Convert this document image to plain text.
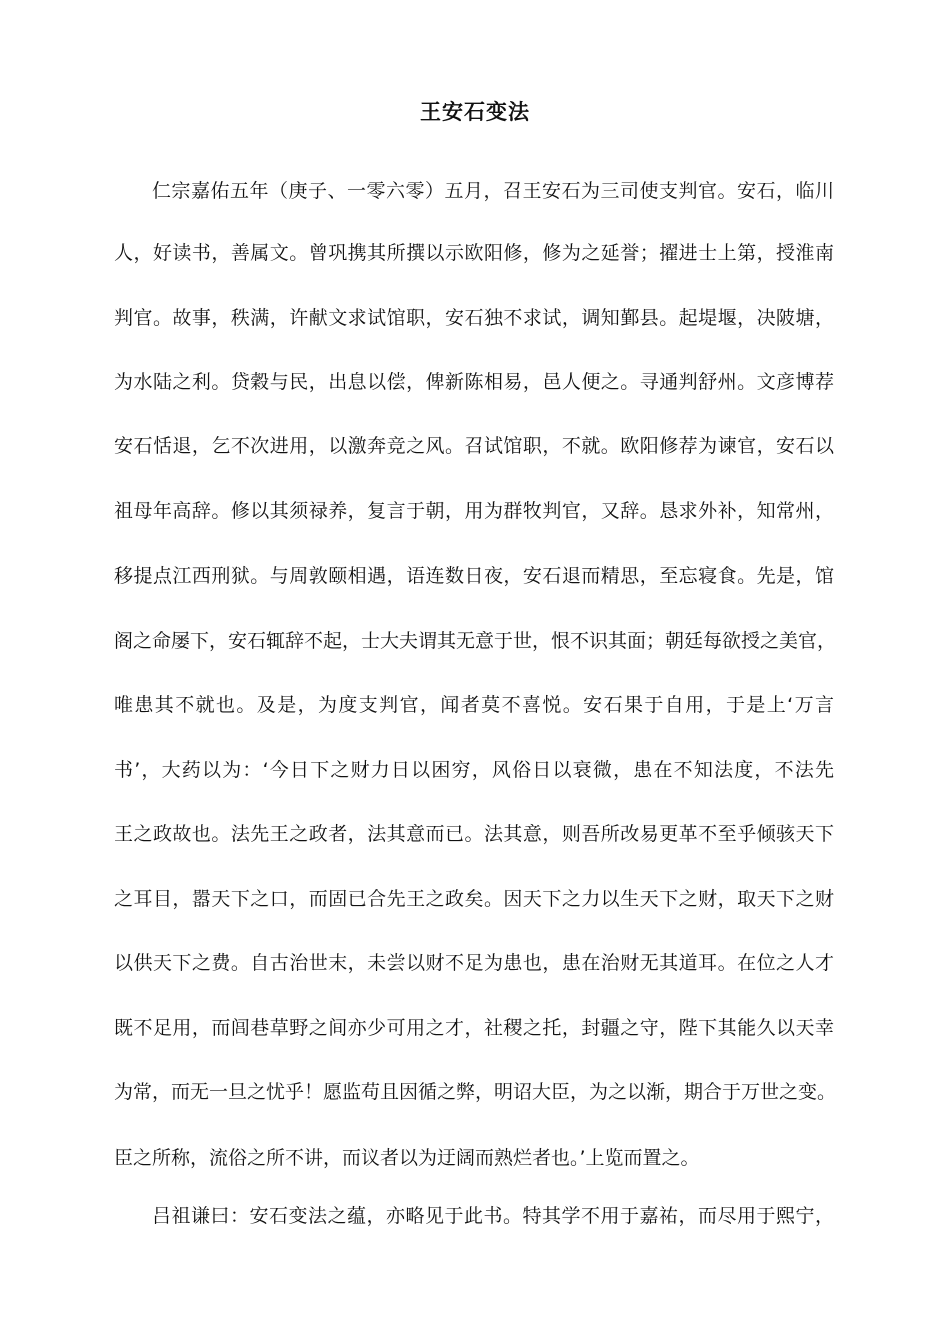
王安石变法
仁宗嘉佑五年（庚子、一零六零）五月，召王安石为三司使支判官。安石，临川
人，好读书，善属文。曾巩携其所撰以示欧阳修，修为之延誉；擢进士上第，授淮南
判官。故事，秩满，许献文求试馆职，安石独不求试，调知鄞县。起堤堰，决陂塘，
为水陆之利。贷穀与民，出息以偿，俾新陈相易，邑人便之。寻通判舒州。文彦博荐
安石恬退，乞不次进用，以激奔竞之风。召试馆职，不就。欧阳修荐为谏官，安石以
祖母年高辞。修以其须禄养，复言于朝，用为群牧判官，又辞。恳求外补，知常州，
移提点江西刑狱。与周敦颐相遇，语连数日夜，安石退而精思，至忘寝食。先是，馆
阁之命屡下，安石辄辞不起，士大夫谓其无意于世，恨不识其面；朝廷每欲授之美官，
唯患其不就也。及是，为度支判官，闻者莫不喜悦。安石果于自用，于是上‘万言
书’，大药以为：‘今日下之财力日以困穷，风俗日以衰微，患在不知法度，不法先
王之政故也。法先王之政者，法其意而已。法其意，则吾所改易更革不至乎倾骇天下
之耳目，嚣天下之口，而固已合先王之政矣。因天下之力以生天下之财，取天下之财
以供天下之费。自古治世末，未尝以财不足为患也，患在治财无其道耳。在位之人才
既不足用，而闾巷草野之间亦少可用之才，社稷之托，封疆之守，陛下其能久以天幸
为常，而无一旦之忧乎！愿监苟且因循之弊，明诏大臣，为之以渐，期合于万世之变。
臣之所称，流俗之所不讲，而议者以为迂阔而熟烂者也。’上览而置之。
吕祖谦曰：安石变法之蕴，亦略见于此书。特其学不用于嘉祐，而尽用于熙宁，
